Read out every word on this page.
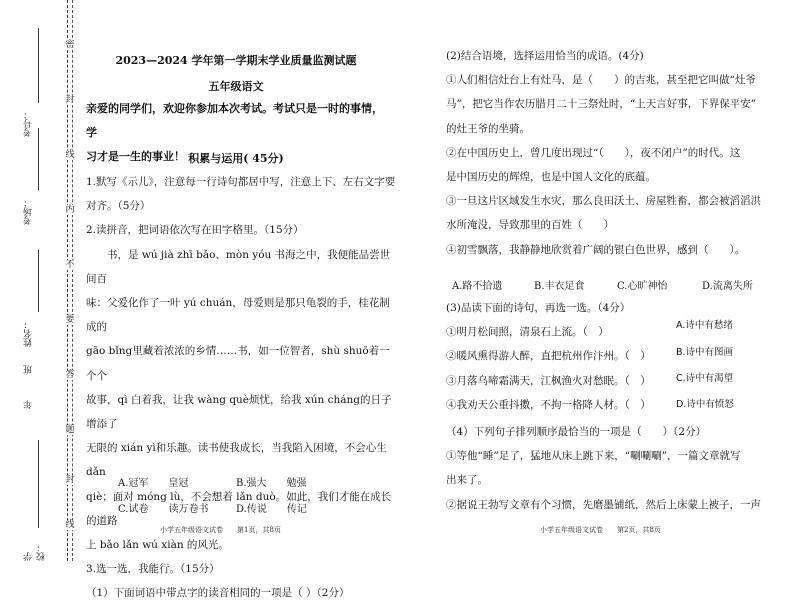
考号：
考场：
年
班
姓名：
学校：
密
封
线
内
不
要
答
题
封
线
2023—2024 学年第一学期末学业质量监测试题
五年级语文

亲爱的同学们，欢迎你参加本次考试。考试只是一时的事情，学

习才是一生的事业！ 积累与运用( 45分)

1.默写《示儿》，注意每一行诗句都居中写，注意上下、左右文字要

对齐。（5分）

2.读拼音，把词语依次写在田字格里。（15分）

书，是 wú jià zhī bǎo、mòn yóu 书海之中，我便能品尝世间百

味：父爱化作了一叶 yú chuán，母爱则是那只龟裂的手，桂花制成的

gāo bǐng里藏着浓浓的乡情……书，如一位智者，shù shuō着一个个

故事，qì 白着我，让我 wàng què烦忧，给我 xún cháng的日子增添了

无限的 xián yì和乐趣。读书使我成长，当我陷入困境，不会心生 dǎn

qiè；面对 móng lù，不会想着 lǎn duò。如此，我们才能在成长的道路

上 bǎo lǎn wú xiàn 的风光。

3.选一选，我能行。（15分）

（1）下面词语中带点字的读音相同的一项是（ ）（2分）

A.冠军　　皇冠	B.强大　　勉强
C.试卷　　读万卷书	D.传说　　传记
小学五年级语文试卷　　第1页，共8页

(2)结合语境，选择运用恰当的成语。(4分)

①人们相信灶台上有灶马，是（　　）的吉兆，甚至把它叫做“灶爷

马”，把它当作农历腊月二十三祭灶时，“上天言好事，下界保平安”

的灶王爷的坐骑。

②在中国历史上，曾几度出现过“（　　），夜不闭户”的时代。这

是中国历史的辉煌，也是中国人文化的底蕴。

③一旦这片区域发生水灾，那么良田沃土、房屋牲畜，都会被滔滔洪

水所淹没，导致那里的百姓（　　）

④初雪飘落，我静静地欣赏着广阔的银白色世界，感到（　　）。

A.路不拾遗	B.丰衣足食	C.心旷神怡	D.流离失所

(3)品读下面的诗句，再选一选。（4分）

①明月松间照，清泉石上流。（　）

②暖风熏得游人醉，直把杭州作汴州。（　）

③月落乌啼霜满天，江枫渔火对愁眠。（　）

④我劝天公重抖擞，不拘一格降人材。（　）

A.诗中有愁绪
B.诗中有图画
C.诗中有渴望
D.诗中有愤怒

（4）下列句子排列顺序最恰当的一项是（　　）（2分）

①等他“睡”足了，猛地从床上跳下来，“唰唰唰”，一篇文章就写

出来了。

②据说王勃写文章有个习惯，先磨墨铺纸，然后上床蒙上被子，一声

小学五年级语文试卷　　第2页，共8页
